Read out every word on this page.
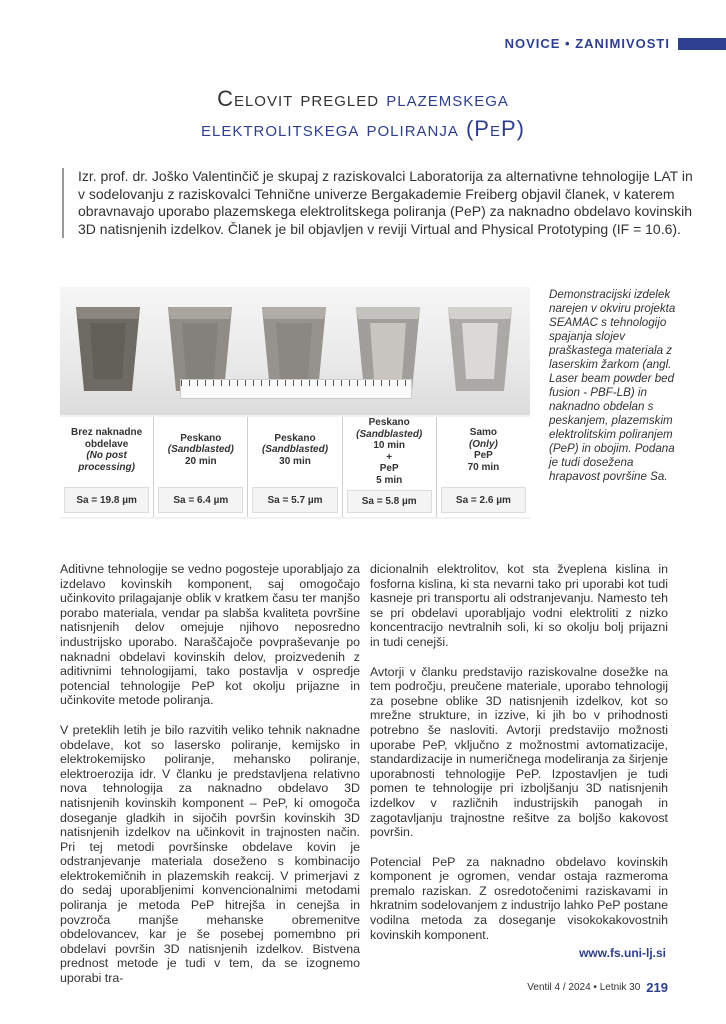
NOVICE • ZANIMIVOSTI
Celovit pregled plazemskega
elektrolitskega poliranja (PeP)
Izr. prof. dr. Joško Valentinčič je skupaj z raziskovalci Laboratorija za alternativne tehnologije LAT in v sodelovanju z raziskovalci Tehnične univerze Bergakademie Freiberg objavil članek, v katerem obravnavajo uporabo plazemskega elektrolitskega poliranja (PeP) za naknadno obdelavo kovinskih 3D natisnjenih izdelkov. Članek je bil objavljen v reviji Virtual and Physical Prototyping (IF = 10.6).
Brez naknadne
obdelave
(No post
processing)
Sa = 19.8 µm
Peskano
(Sandblasted)
20 min
Sa = 6.4 µm
Peskano
(Sandblasted)
30 min
Sa = 5.7 µm
Peskano
(Sandblasted)
10 min
+
PeP
5 min
Sa = 5.8 µm
Samo
(Only)
PeP
70 min
Sa = 2.6 µm
Demonstracijski izdelek narejen v okviru projekta SEAMAC s tehnologijo spajanja slojev praškastega materiala z laserskim žarkom (angl. Laser beam powder bed fusion - PBF-LB) in naknadno obdelan s peskanjem, plazemskim elektrolitskim poliranjem (PeP) in obojim. Podana je tudi dosežena hrapavost površine Sa.

Aditivne tehnologije se vedno pogosteje uporabljajo za izdelavo kovinskih komponent, saj omogočajo učinkovito prilagajanje oblik v kratkem času ter manjšo porabo materiala, vendar pa slabša kvaliteta površine natisnjenih delov omejuje njihovo neposredno industrijsko uporabo. Naraščajoče povpraševanje po naknadni obdelavi kovinskih delov, proizvedenih z aditivnimi tehnologijami, tako postavlja v ospredje potencial tehnologije PeP kot okolju prijazne in učinkovite metode poliranja.

V preteklih letih je bilo razvitih veliko tehnik naknadne obdelave, kot so lasersko poliranje, kemijsko in elektrokemijsko poliranje, mehansko poliranje, elektroerozija idr. V članku je predstavljena relativno nova tehnologija za naknadno obdelavo 3D natisnjenih kovinskih komponent – PeP, ki omogoča doseganje gladkih in sijočih površin kovinskih 3D natisnjenih izdelkov na učinkovit in trajnosten način. Pri tej metodi površinske obdelave kovin je odstranjevanje materiala doseženo s kombinacijo elektrokemičnih in plazemskih reakcij. V primerjavi z do sedaj uporabljenimi konvencionalnimi metodami poliranja je metoda PeP hitrejša in cenejša in povzroča manjše mehanske obremenitve obdelovancev, kar je še posebej pomembno pri obdelavi površin 3D natisnjenih izdelkov. Bistvena prednost metode je tudi v tem, da se izognemo uporabi tra-

dicionalnih elektrolitov, kot sta žveplena kislina in fosforna kislina, ki sta nevarni tako pri uporabi kot tudi kasneje pri transportu ali odstranjevanju. Namesto teh se pri obdelavi uporabljajo vodni elektroliti z nizko koncentracijo nevtralnih soli, ki so okolju bolj prijazni in tudi cenejši.

Avtorji v članku predstavijo raziskovalne dosežke na tem področju, preučene materiale, uporabo tehnologij za posebne oblike 3D natisnjenih izdelkov, kot so mrežne strukture, in izzive, ki jih bo v prihodnosti potrebno še nasloviti. Avtorji predstavijo možnosti uporabe PeP, vključno z možnostmi avtomatizacije, standardizacije in numeričnega modeliranja za širjenje uporabnosti tehnologije PeP. Izpostavljen je tudi pomen te tehnologije pri izboljšanju 3D natisnjenih izdelkov v različnih industrijskih panogah in zagotavljanju trajnostne rešitve za boljšo kakovost površin.

Potencial PeP za naknadno obdelavo kovinskih komponent je ogromen, vendar ostaja razmeroma premalo raziskan. Z osredotočenimi raziskavami in hkratnim sodelovanjem z industrijo lahko PeP postane vodilna metoda za doseganje visokokakovostnih kovinskih komponent.

www.fs.uni-lj.si
Ventil 4 / 2024 • Letnik 30 219
